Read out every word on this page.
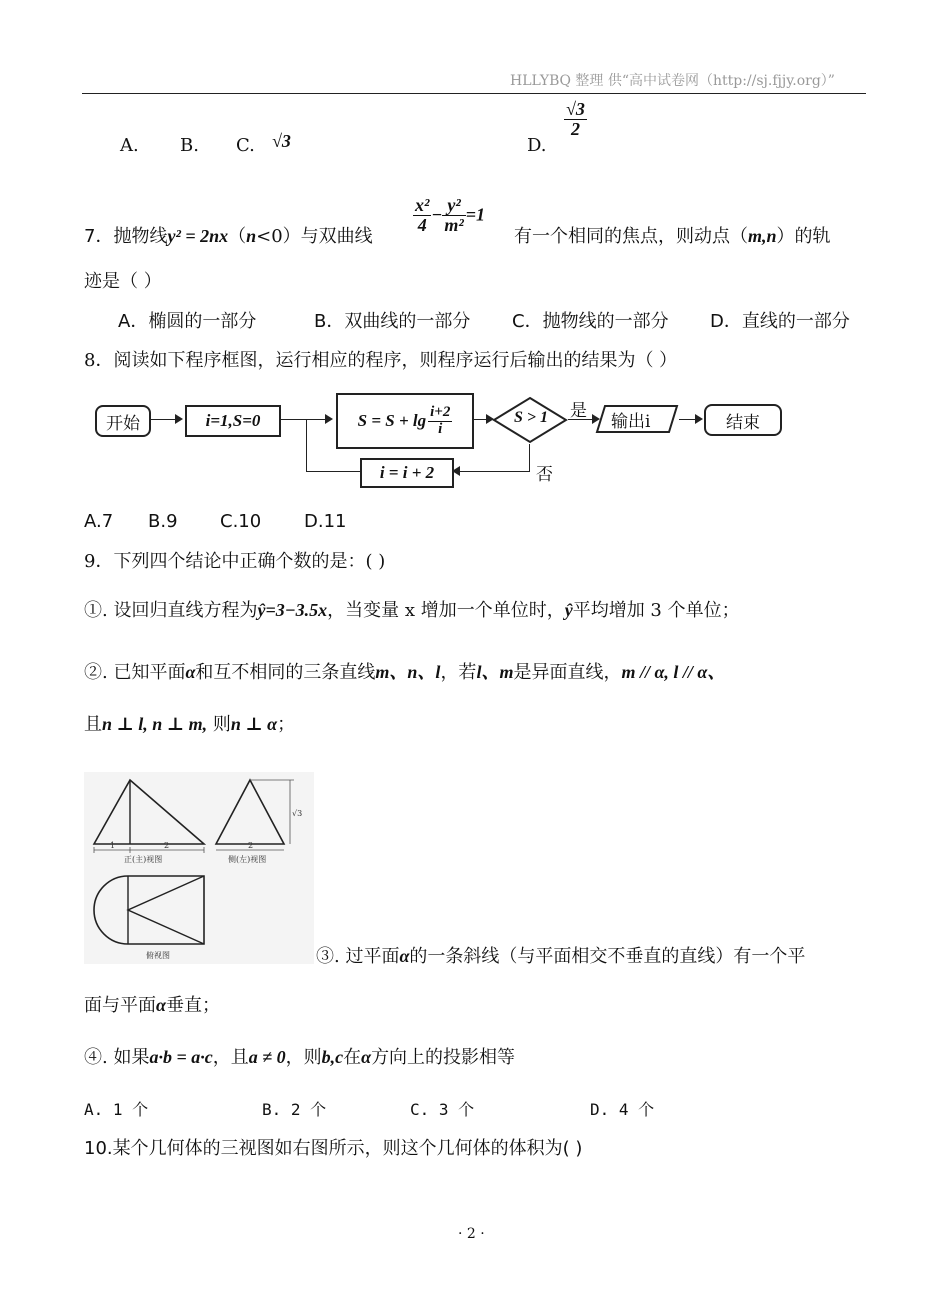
HLLYBQ 整理 供“高中试卷网（http://sj.fjjy.org）”
A. B. C. √3	D.
$\frac{√3}{2}$
7．抛物线y² = 2nx（n<0）与双曲线
$\frac{\text{x²}}{4} - \frac{\text{y²}}{\text{m²}} =1$
有一个相同的焦点，则动点（m,n）的轨
迹是（ ）
A．椭圆的一部分	B．双曲线的一部分 C．抛物线的一部分 D．直线的一部分
8．阅读如下程序框图，运行相应的程序，则程序运行后输出的结果为（ ）
开始	i=1,S=0	$S = S + \lg \frac{i+2}{i}$	S > 1 是
输出i	结束
否
i = i + 2
A.7 B.9 C.10 D.11
9．下列四个结论中正确个数的是：( )
①. 设回归直线方程为ŷ=3−3.5x，当变量 x 增加一个单位时，ŷ平均增加 3 个单位；
②. 已知平面α和互不相同的三条直线m、n、l，若l、m是异面直线，m // α, l // α、
且n ⊥ l, n ⊥ m, 则n ⊥ α；
1	2
正(主)视图
√3
2
侧(左)视图
俯视图	③. 过平面α的一条斜线（与平面相交不垂直的直线）有一个平
面与平面α垂直；
④. 如果a·b = a·c，且a ≠ 0，则b,c在α方向上的投影相等
A. 1 个	B. 2 个	C. 3 个	D. 4 个
10.某个几何体的三视图如右图所示，则这个几何体的体积为( )
· 2 ·
